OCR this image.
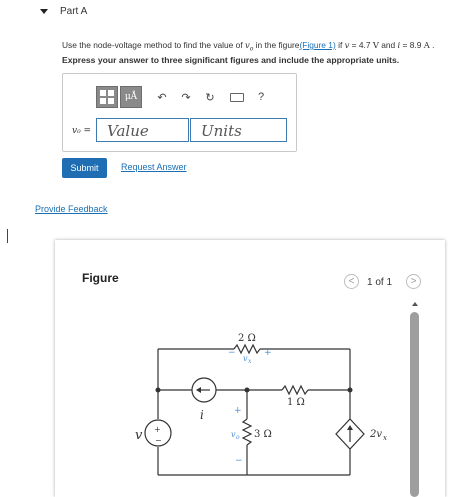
Part A
Use the node-voltage method to find the value of $v_o$ in the figure(Figure 1) if v = 4.7 V and i = 8.9 A .
Express your answer to three significant figures and include the appropriate units.
μÅ	↶	↷	↻	?
v₀ =
Value
Units
Submit	Request Answer
Provide Feedback
Figure	<	1 of 1	>
2 Ω
1 Ω
3 Ω
−	+
v x
+
v o
−
i
v +
−
2v x
